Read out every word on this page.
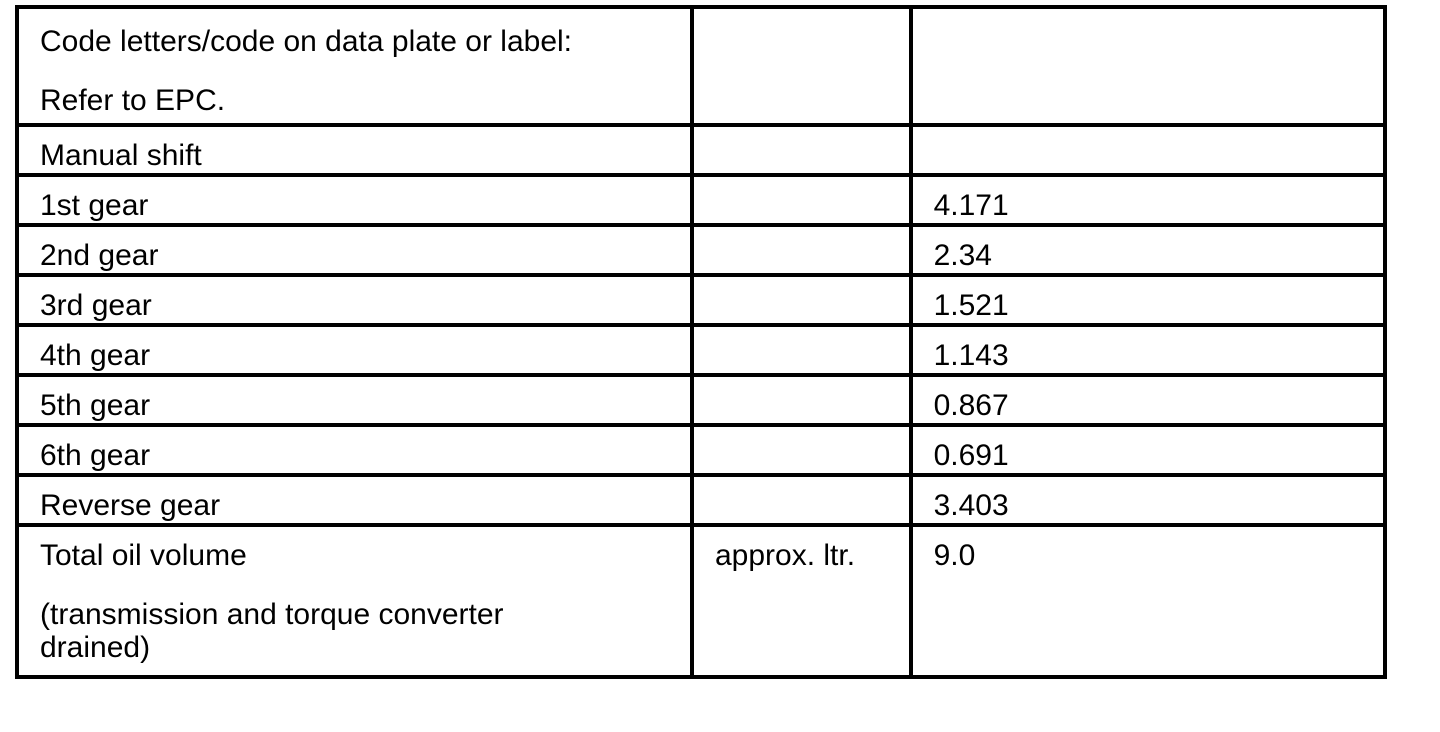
Code letters/code on data plate or label:
Refer to EPC.		

Manual shift		

1st gear		4.171

2nd gear		2.34

3rd gear		1.521

4th gear		1.143

5th gear		0.867

6th gear		0.691

Reverse gear		3.403

Total oil volume
(transmission and torque converter drained)	approx. ltr.	9.0
